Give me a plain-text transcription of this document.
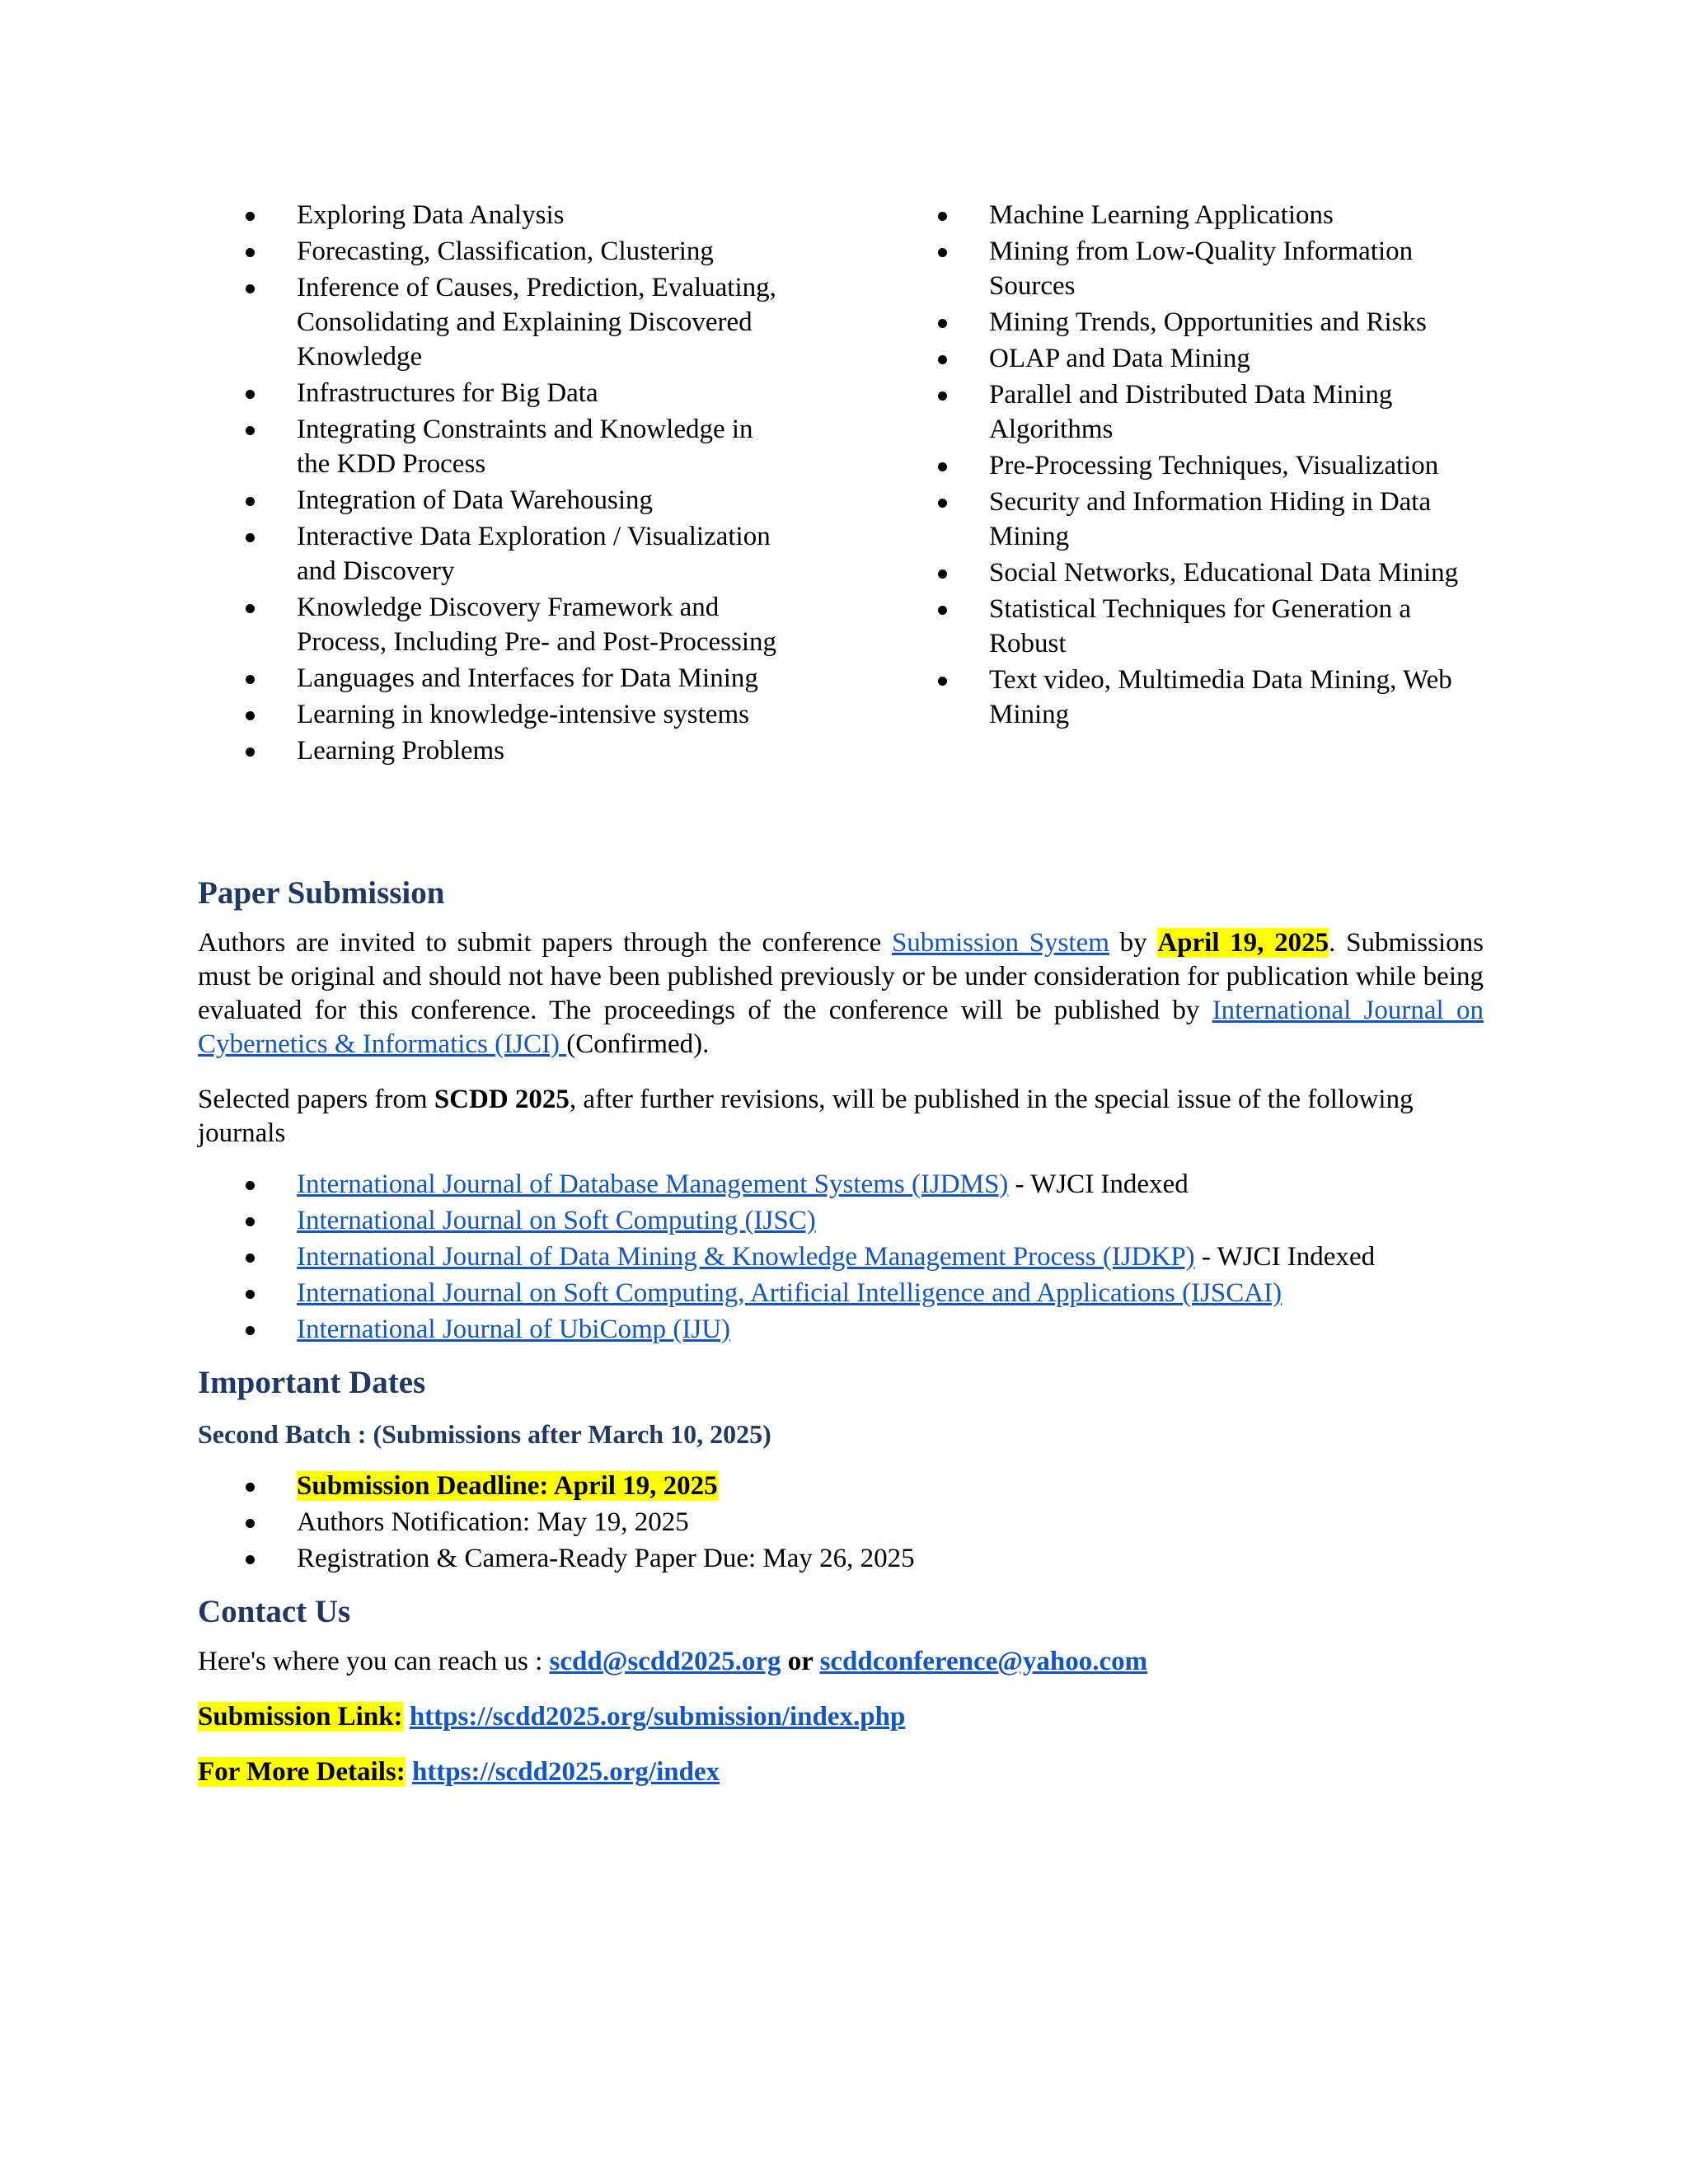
Exploring Data Analysis
Forecasting, Classification, Clustering
Inference of Causes, Prediction, Evaluating, Consolidating and Explaining Discovered Knowledge
Infrastructures for Big Data
Integrating Constraints and Knowledge in the KDD Process
Integration of Data Warehousing
Interactive Data Exploration / Visualization and Discovery
Knowledge Discovery Framework and Process, Including Pre- and Post-Processing
Languages and Interfaces for Data Mining
Learning in knowledge-intensive systems
Learning Problems
Machine Learning Applications
Mining from Low-Quality Information Sources
Mining Trends, Opportunities and Risks
OLAP and Data Mining
Parallel and Distributed Data Mining Algorithms
Pre-Processing Techniques, Visualization
Security and Information Hiding in Data Mining
Social Networks, Educational Data Mining
Statistical Techniques for Generation a Robust
Text video, Multimedia Data Mining, Web Mining
Paper Submission

Authors are invited to submit papers through the conference Submission System by April 19, 2025. Submissions must be original and should not have been published previously or be under consideration for publication while being evaluated for this conference. The proceedings of the conference will be published by International Journal on Cybernetics & Informatics (IJCI) (Confirmed).

Selected papers from SCDD 2025, after further revisions, will be published in the special issue of the following journals

International Journal of Database Management Systems (IJDMS) - WJCI Indexed
International Journal on Soft Computing (IJSC)
International Journal of Data Mining & Knowledge Management Process (IJDKP) - WJCI Indexed
International Journal on Soft Computing, Artificial Intelligence and Applications (IJSCAI)
International Journal of UbiComp (IJU)
Important Dates
Second Batch : (Submissions after March 10, 2025)
Submission Deadline: April 19, 2025
Authors Notification: May 19, 2025
Registration & Camera-Ready Paper Due: May 26, 2025
Contact Us

Here's where you can reach us : scdd@scdd2025.org or scddconference@yahoo.com

Submission Link: https://scdd2025.org/submission/index.php

For More Details: https://scdd2025.org/index
